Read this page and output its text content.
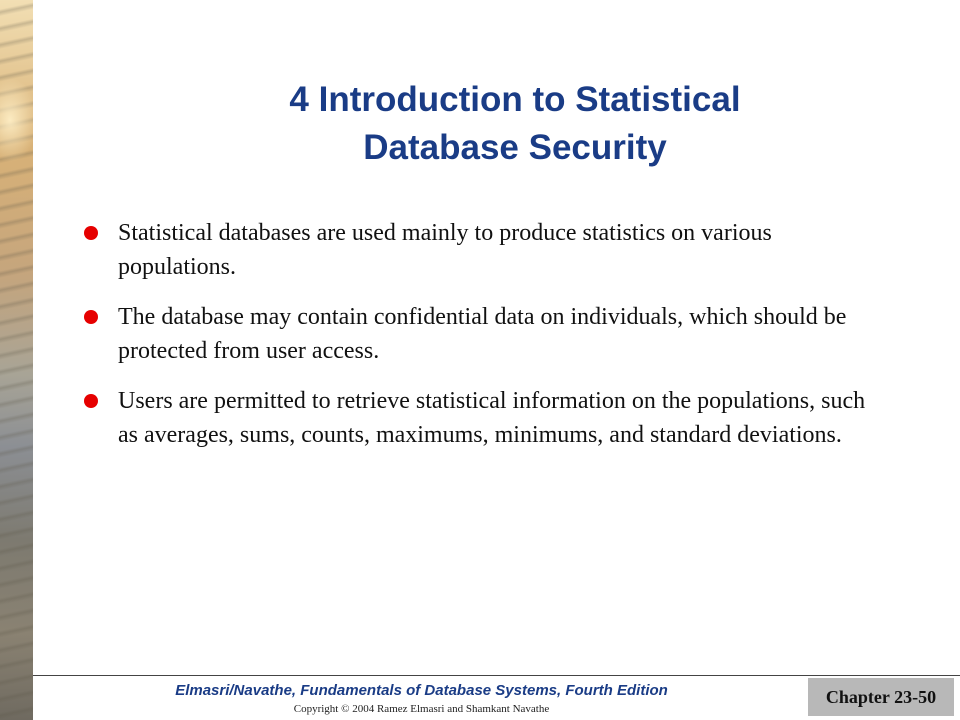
4 Introduction to Statistical
Database Security
Statistical databases are used mainly to produce statistics on various populations.
The database may contain confidential data on individuals, which should be protected from user access.
Users are permitted to retrieve statistical information on the populations, such as averages, sums, counts, maximums, minimums, and standard deviations.

Elmasri/Navathe, Fundamentals of Database Systems, Fourth Edition

Copyright © 2004 Ramez Elmasri and Shamkant Navathe

Chapter 23-50
